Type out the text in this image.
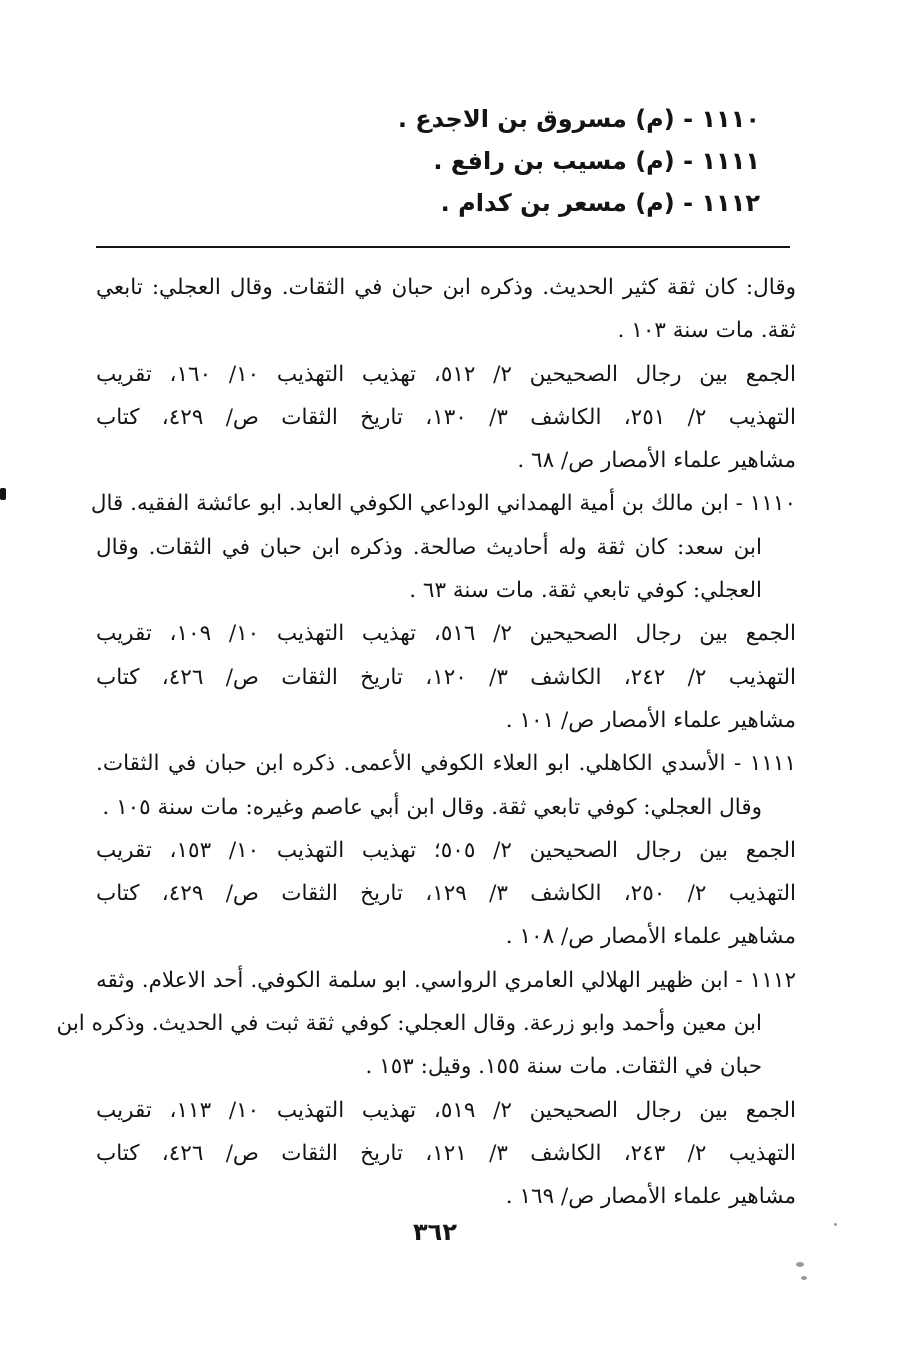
١١١٠ - (م) مسروق بن الاجدع .
١١١١ - (م) مسيب بن رافع .
١١١٢ - (م) مسعر بن كدام .
وقال: كان ثقة كثير الحديث. وذكره ابن حبان في الثقات. وقال العجلي: تابعي
ثقة. مات سنة ١٠٣ .
الجمع بين رجال الصحيحين ٢/ ٥١٢، تهذيب التهذيب ١٠/ ١٦٠، تقريب
التهذيب ٢/ ٢٥١، الكاشف ٣/ ١٣٠، تاريخ الثقات ص/ ٤٢٩، كتاب
مشاهير علماء الأمصار ص/ ٦٨ .
١١١٠ - ابن مالك بن أمية الهمداني الوداعي الكوفي العابد. ابو عائشة الفقيه. قال
ابن سعد: كان ثقة وله أحاديث صالحة. وذكره ابن حبان في الثقات. وقال
العجلي: كوفي تابعي ثقة. مات سنة ٦٣ .
الجمع بين رجال الصحيحين ٢/ ٥١٦، تهذيب التهذيب ١٠/ ١٠٩، تقريب
التهذيب ٢/ ٢٤٢، الكاشف ٣/ ١٢٠، تاريخ الثقات ص/ ٤٢٦، كتاب
مشاهير علماء الأمصار ص/ ١٠١ .
١١١١ - الأسدي الكاهلي. ابو العلاء الكوفي الأعمى. ذكره ابن حبان في الثقات.
وقال العجلي: كوفي تابعي ثقة. وقال ابن أبي عاصم وغيره: مات سنة ١٠٥ .
الجمع بين رجال الصحيحين ٢/ ٥٠٥؛ تهذيب التهذيب ١٠/ ١٥٣، تقريب
التهذيب ٢/ ٢٥٠، الكاشف ٣/ ١٢٩، تاريخ الثقات ص/ ٤٢٩، كتاب
مشاهير علماء الأمصار ص/ ١٠٨ .
١١١٢ - ابن ظهير الهلالي العامري الرواسي. ابو سلمة الكوفي. أحد الاعلام. وثقه
ابن معين وأحمد وابو زرعة. وقال العجلي: كوفي ثقة ثبت في الحديث. وذكره ابن
حبان في الثقات. مات سنة ١٥٥. وقيل: ١٥٣ .
الجمع بين رجال الصحيحين ٢/ ٥١٩، تهذيب التهذيب ١٠/ ١١٣، تقريب
التهذيب ٢/ ٢٤٣، الكاشف ٣/ ١٢١، تاريخ الثقات ص/ ٤٢٦، كتاب
مشاهير علماء الأمصار ص/ ١٦٩ .
٣٦٢
